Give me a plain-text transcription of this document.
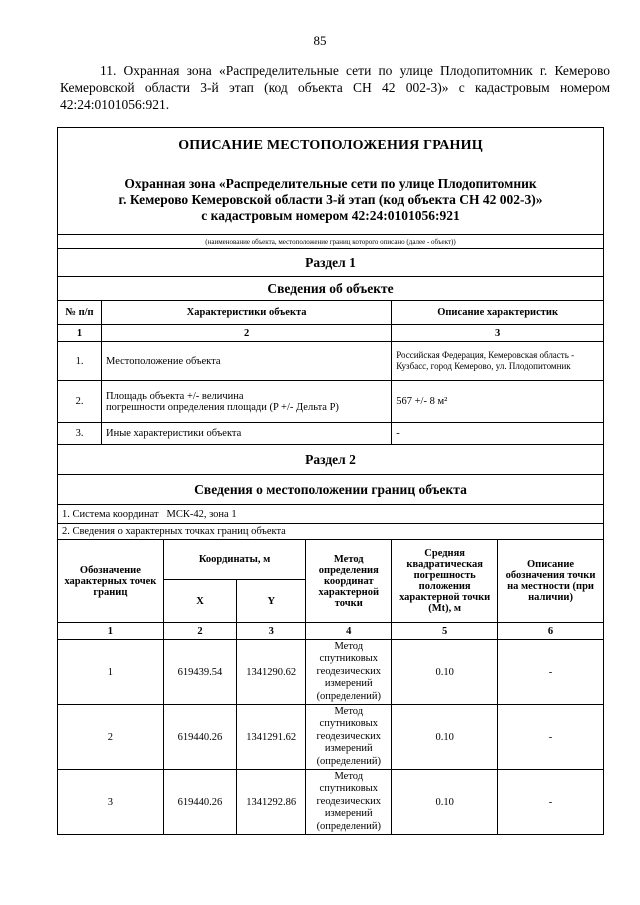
85
11. Охранная зона «Распределительные сети по улице Плодопитомник г. Кемерово Кемеровской области 3-й этап (код объекта СН 42 002-3)» с кадастровым номером 42:24:0101056:921.
ОПИСАНИЕ МЕСТОПОЛОЖЕНИЯ ГРАНИЦ
Охранная зона «Распределительные сети по улице Плодопитомник
г. Кемерово Кемеровской области 3-й этап (код объекта СН 42 002-3)»
с кадастровым номером 42:24:0101056:921						

(наименование объекта, местоположение границ которого описано (далее - объект))						
Раздел 1						
Сведения об объекте						
№ п/п	Характеристики объекта				Описание характеристик	
1	2				3	
1.	Местоположение объекта				Российская Федерация, Кемеровская область - Кузбасс, город Кемерово, ул. Плодопитомник	
2.	Площадь объекта +/- величина
погрешности определения площади (P +/- Дельта P)				567 +/- 8 м²	
3.	Иные характеристики объекта				-	
Раздел 2						
Сведения о местоположении границ объекта						
1. Система координат   МСК-42, зона 1						
2. Сведения о характерных точках границ объекта						
Обозначение характерных точек границ		Координаты, м		Метод определения координат характерной точки	Средняя квадратическая погрешность положения характерной точки (Mt), м	Описание обозначения точки на местности (при наличии)
		X	Y			
1		2	3	4	5	6
1		619439.54	1341290.62	Метод спутниковых геодезических измерений (определений)	0.10	-
2		619440.26	1341291.62	Метод спутниковых геодезических измерений (определений)	0.10	-
3		619440.26	1341292.86	Метод спутниковых геодезических измерений (определений)	0.10	-
